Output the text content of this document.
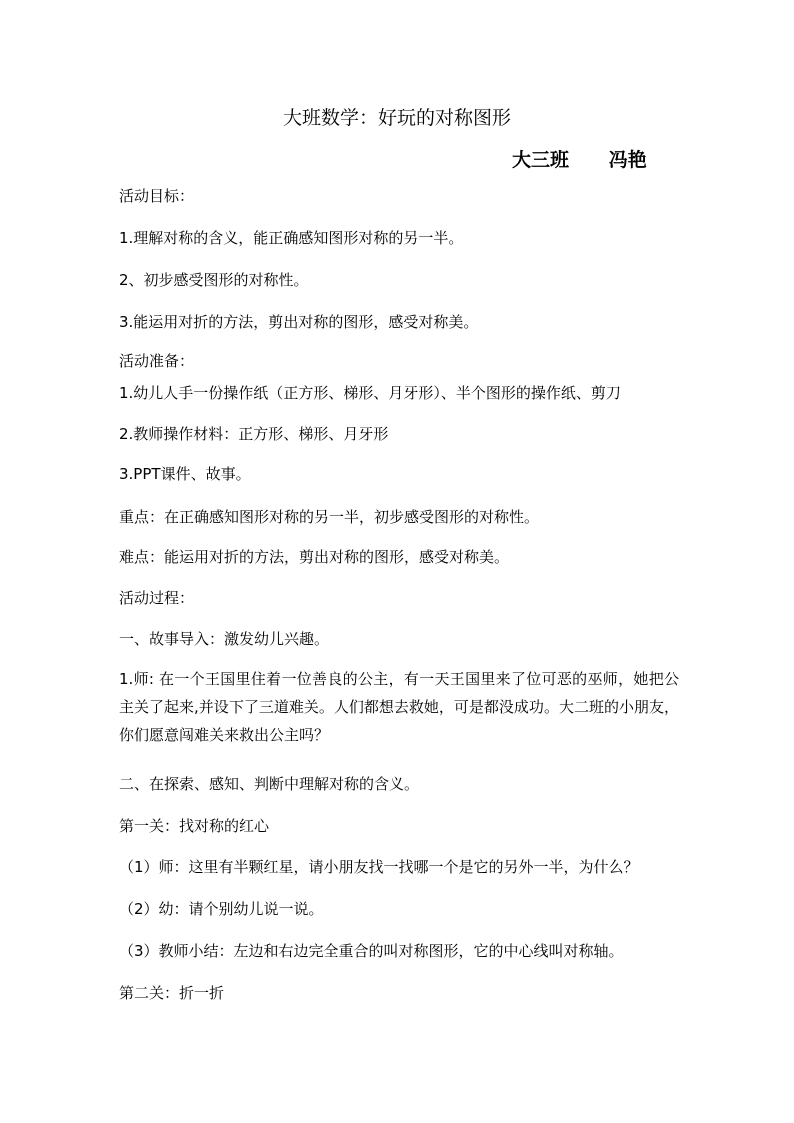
大班数学：好玩的对称图形
大三班      冯艳
活动目标：
1.理解对称的含义，能正确感知图形对称的另一半。
2、初步感受图形的对称性。
3.能运用对折的方法，剪出对称的图形，感受对称美。
活动准备：
1.幼儿人手一份操作纸（正方形、梯形、月牙形）、半个图形的操作纸、剪刀
2.教师操作材料：正方形、梯形、月牙形
3.PPT课件、故事。
重点：在正确感知图形对称的另一半，初步感受图形的对称性。
难点：能运用对折的方法，剪出对称的图形，感受对称美。
活动过程：
一、故事导入：激发幼儿兴趣。
1.师: 在一个王国里住着一位善良的公主，有一天王国里来了位可恶的巫师，她把公主关了起来,并设下了三道难关。人们都想去救她，可是都没成功。大二班的小朋友，你们愿意闯难关来救出公主吗？
二、在探索、感知、判断中理解对称的含义。
第一关：找对称的红心
（1）师：这里有半颗红星，请小朋友找一找哪一个是它的另外一半，为什么？
（2）幼：请个别幼儿说一说。
（3）教师小结：左边和右边完全重合的叫对称图形，它的中心线叫对称轴。
第二关：折一折
